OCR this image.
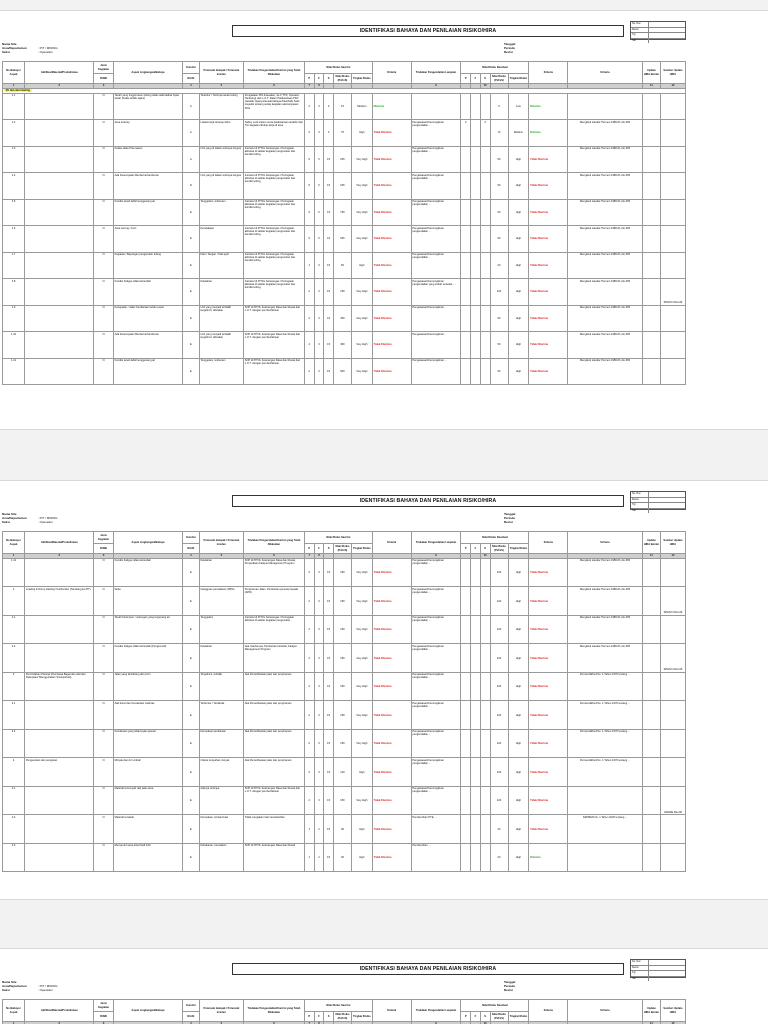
IDENTIFIKASI BAHAYA DAN PENILAIAN RISIKO/HIRA
No. Doc
Revisi
Tgl.
Hal
Nama Site
Area/Departemen	: PIT / MINING
Seksi	: Operation
Tanggal
Periode
Revisi
No Bahaya / Aspek	Aktifitas/Material/Produk/Jasa	Jenis Kegiatan	Aspek Lingkungan/Bahaya	Kondisi	Potensial dampak / Potensial insiden	Tindakan Pengendalian/Kontrol yang Telah Dilakukan	Nilai Risiko Saat Ini					Kriteria	Tindakan Pengendalian Lanjutan	Nilai Risiko Residual					Kriteria	Kriteria	Update HIRA Bentar	Sumber Update HIRA
		R/N/E		N/A/E			P	F	S	Nilai Risiko (PxFxS)	Tingkat Risiko			P	F	S	Nilai Risiko (PxFxS)	Tingkat Risiko				
1	2	3		4	5	6	7	8					9			10					11	12
Pit dan dan Hauling																						
1.1		N	Tanah yang tinggi/curam (tebing tidak stabil akibat hujan tanah (Kalau terlalu tajam)	A	Terkubur / Tertimpa tanah tebing	Pengadaan PIN dirasakan, ALJ (TTR, Operator, Tambang) dari L.O.T. dalam Pelaksanaan PKP (setelah rapat potensial bahaya ditambah) hasil inspeksi tentang setiap kegiatan alat karyawan KKH	2	3	3	15	Medium	Diterima					9	Low	Diterima			
1.2		N	Area tertutup	A	Lokasi kerja tertutup debu	Safety Lock sistem serta pelaksanaan terakhir dari Tim kegiatan ditutup kerja di area	2	3	3	75	High	Tidak Diterima	Pengawasan/Kemungkinan pengendalian ...	2		3	72	Medium	Diterima	Mengikuti standar Permen 1986-PL-No.456		
1.3		N	Ketika Jalan Pisa rawan	A	Unit yang di dalam tertimpa longsor	Instruksi di PITOL Keterangan / Peringatan aktivitas di sekitar kegiatan pengerukan dan kondisi tebing	5	5	15	625	Very High	Tidak Diterima	Pengawasan/Kemungkinan pengendalian ...				50	High	Tidak Diterima	Mengikuti standar Permen 1986-PL-No.456		
1.4		N	Ada Kesempatan Benda berhamburan	N	Unit yang di dalam tertimpa longsor	Instruksi di PITOL Keterangan / Peringatan aktivitas di sekitar kegiatan pengerukan dan kondisi tebing	5	5	15	625	Very High	Tidak Diterima	Pengawasan/Kemungkinan pengendalian ...				50	High	Tidak Diterima	Mengikuti standar Permen 1986-PL-No.456		
1.5		N	Kondisi tanah labil/menggenang air	E	Tenggelam, terbenam	Instruksi di PITOL Keterangan / Peringatan aktivitas di sekitar kegiatan pengerukan dan kondisi tebing	5	5	15	750	Very High	Tidak Diterima	Pengawasan/Kemungkinan pengendalian ...				60	High	Tidak Diterima	Mengikuti standar Permen 1986-PL-No.456		
1.6		N	Area Lereng / Licin	E	Kecelakaan	Instruksi di PITOL Keterangan / Peringatan aktivitas di sekitar kegiatan pengerukan dan kondisi tebing	5	5	15	625	Very High	Tidak Diterima	Pengawasan/Kemungkinan pengendalian ...				50	High	Tidak Diterima	Mengikuti standar Permen 1986-PL-No.456		
1.7		N	Kegiatan / Bayangan pengerukan tebing	E	Kaki / Tangan / Kaki jepit	Instruksi di PITOL Keterangan / Peringatan aktivitas di sekitar kegiatan pengerukan dan kondisi tebing	1	3	15	50	High	Tidak Diterima	Pengawasan/Kemungkinan pengendalian ...				20	High	Tidak Diterima	Mengikuti standar Permen 1986-PL-No.456		
1.8		N	Kondisi Fatigue tidak terkendali	E	Kelelahan	Instruksi di PITOL Keterangan / Peringatan aktivitas di sekitar kegiatan pengerukan dan kondisi tebing	2	3	15	150	Very High	Tidak Diterima	Pengawasan/Kemungkinan pengendalian yang sudah tersedia, ...				120	High	Tidak Diterima	Mengikuti standar Permen 1986-PL-No.456		SPA/KCI Rev.06
1.9		N	Kecepatan / Jalan Kendaraan terlalu cepat	E	Unit yang menjadi terbalik/ tergelincir, tabrakan	SOP di PITOL Keterangan Rasa dan Rusak dari L.O.T. dengan pemberitahuan	2	3	15	360	Very High	Tidak Diterima	Pengawasan/Kemungkinan ...				50	High	Tidak Diterima	Mengikuti standar Permen 1986-PL-No.456		
1.10		N	Ada Kesempatan Benda berhamburan	E	Unit yang menjadi terbalik/ tergelincir, tabrakan	SOP di PITOL Keterangan Rasa dan Rusak dari L.O.T. dengan pemberitahuan	4	3	15	360	Very High	Tidak Diterima	Pengawasan/Kemungkinan ...				50	High	Tidak Diterima	Mengikuti standar Permen 1986-PL-No.456		
1.11		N	Kondisi tanah labil/menggenang air	E	Tenggelam, terbenam	SOP di PITOL Keterangan Rasa dan Rusak dari L.O.T. dengan pemberitahuan	2	3	15	500	Very High	Tidak Diterima	Pengawasan/Kemungkinan ...				60	High	Tidak Diterima	Mengikuti standar Permen 1986-PL-No.456		
IDENTIFIKASI BAHAYA DAN PENILAIAN RISIKO/HIRA
No. Doc
Revisi
Tgl.
Hal
Nama Site
Area/Departemen	: PIT / MINING
Seksi	: Operation
Tanggal
Periode
Revisi
No Bahaya / Aspek	Aktifitas/Material/Produk/Jasa	Jenis Kegiatan	Aspek Lingkungan/Bahaya	Kondisi	Potensial dampak / Potensial insiden	Tindakan Pengendalian/Kontrol yang Telah Dilakukan	Nilai Risiko Saat Ini					Kriteria	Tindakan Pengendalian Lanjutan	Nilai Risiko Residual					Kriteria	Kriteria	Update HIRA Bentar	Sumber Update HIRA
		R/N/E		N/A/E			P	F	S	Nilai Risiko (PxFxS)	Tingkat Risiko			P	F	S	Nilai Risiko (PxFxS)	Tingkat Risiko				
1	2	3		4	5	6	7	8					9			10					11	12
1.12		N	Kondisi Fatigue tidak terkendali	E	Kelelahan	SOP di PITOL Keterangan Rasa dan Rusak, Penyediaan Fatigue Management Program	2	3	15	150	Very High	Tidak Diterima	Pengawasan/Kemungkinan pengendalian ...				120	High	Tidak Diterima	Mengikuti standar Permen 1986-PL-No.456		
2	Loading & Dump Hauling Overburden (Tambang ke PIT)	N	Debu	E	Gangguan pernafasan (ISPA)	Penyiraman Jalan, Pemberian penutup kepala (APD)	2	3	15	150	Very High	Tidak Diterima	Pengawasan/Kemungkinan pengendalian ...				120	High	Tidak Diterima	Mengikuti standar Permen 1986-PL-No.456		SPA/KCI Rev.06
2.1		N	Tanah berlumpur / cekungan yang tergenang air	E	Tenggelam	Instruksi di PITOL Keterangan / Peringatan aktivitas di sekitar kegiatan pengerukan	2	3	15	150	Very High	Tidak Diterima	Pengawasan/Kemungkinan pengendalian ...				120	High	Tidak Diterima	Mengikuti standar Permen 1986-PL-No.456		
2.2		N	Kondisi Fatigue tidak terkendali (Pengemudi)	E	Kelelahan	Alat Jatuh/Lupa, Pemberian Istirahat, Fatigue Management Program	2	3	15	150	Very High	Tidak Diterima	Pengawasan/Kemungkinan pengendalian ...				120	High	Tidak Diterima	Mengikuti standar Permen 1986-PL-No.456		SPA/KCI Rev.06
3	Pemindahan Pekerja (Pembawa Bagai dan alat dari Pekerjaan/ Menggunakan Transportasi)	N	Jalan yang berlubang dan Licin	E	Tergelincir, terbalik	Alat Pemeliharaan jalan dan penyiraman	2	3	15	150	Very High	Tidak Diterima	Pengawasan/Kemungkinan pengendalian ...				120	High	Tidak Diterima	Permendikbud No. 1 Tahun 1970 tentang ...		
3.1		N	Alat berat dan Kendaraan melintas	E	Terbentur / Tertabrak	Alat Pemeliharaan jalan dan penyiraman	2	3	15	150	Very High	Tidak Diterima	Pengawasan/Kemungkinan pengendalian ...				120	High	Tidak Diterima	Permendikbud No. 1 Tahun 1970 tentang ...		
3.2		N	Kendaraan yang tidak layak operasi	E	Kerusakan kendaraan	Alat Pemeliharaan jalan dan penyiraman	2	3	15	150	Very High	Tidak Diterima	Pengawasan/Kemungkinan pengendalian ...				120	High	Tidak Diterima	Permendikbud No. 1 Tahun 1970 tentang ...		
4	Pengecekan dan pengisian	N	Minyak dan Air Limbah	E	Cidera tumpahan minyak	Alat Pemeliharaan jalan dan penyiraman	2	3	15	120	High	Tidak Diterima	Pengawasan/Kemungkinan pengendalian ...				120	High	Tidak Diterima	Permendikbud No. 1 Tahun 1970 tentang ...		
4.1		N	Material tertumpah dari jalan area	E	Adanya tertimpa	SOP di PITOL Keterangan Rasa dan Rusak dari L.O.T. dengan pemberitahuan	2	3	15	150	Very High	Tidak Diterima	Pengawasan/Kemungkinan pengendalian ...				120	High	Tidak Diterima			GRADE Rev.06
4.2		N	Material tersebar	E	Kerusakan, kontaminasi	Tidak mengalami dan tersebar/dan	1	2	15	30	High	Tidak Diterima	Pembersihan PTE, ...				20	High	Tidak Diterima	KEPMEN No. 1 Tahun 2020 tentang ...		
4.3		N	Menyentuh area lokal Spill Infor	E	Kebakaran, kerusakan	SOP di PITOL Keterangan Rasa dan Rusak	1	2	15	30	High	Tidak Diterima	Pembersihan ...				20	High	Diterima			
IDENTIFIKASI BAHAYA DAN PENILAIAN RISIKO/HIRA
No. Doc
Revisi
Tgl.
Hal
Nama Site
Area/Departemen	: PIT / MINING
Seksi	: Operation
Tanggal
Periode
Revisi
No Bahaya / Aspek	Aktifitas/Material/Produk/Jasa	Jenis Kegiatan	Aspek Lingkungan/Bahaya	Kondisi	Potensial dampak / Potensial insiden	Tindakan Pengendalian/Kontrol yang Telah Dilakukan	Nilai Risiko Saat Ini					Kriteria	Tindakan Pengendalian Lanjutan	Nilai Risiko Residual					Kriteria	Kriteria	Update HIRA Bentar	Sumber Update HIRA
		R/N/E		N/A/E			P	F	S	Nilai Risiko (PxFxS)	Tingkat Risiko			P	F	S	Nilai Risiko (PxFxS)	Tingkat Risiko				
1	2	3		4	5	6	7	8					9			10					11	12
